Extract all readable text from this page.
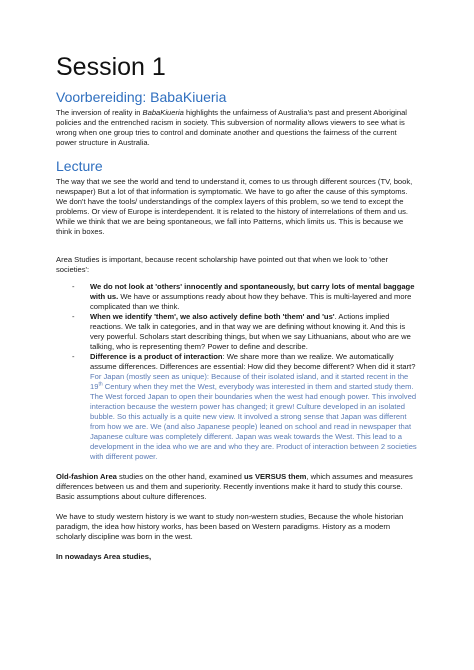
Session 1
Voorbereiding: BabaKiueria

The inversion of reality in BabaKiueria highlights the unfairness of Australia's past and present Aboriginal policies and the entrenched racism in society. This subversion of normality allows viewers to see what is wrong when one group tries to control and dominate another and questions the fairness of the current power structure in Australia.

Lecture

The way that we see the world and tend to understand it, comes to us through different sources (TV, book, newspaper) But a lot of that information is symptomatic. We have to go after the cause of this symptoms. We don't have the tools/ understandings of the complex layers of this problem, so we tend to except the problems. Or view of Europe is interdependent. It is related to the history of interrelations of them and us. While we think that we are being spontaneous, we fall into Patterns, which limits us. This is because we think in boxes.

Area Studies is important, because recent scholarship have pointed out that when we look to 'other societies':

- We do not look at 'others' innocently and spontaneously, but carry lots of mental baggage with us. We have or assumptions ready about how they behave. This is multi-layered and more complicated than we think.
- When we identify 'them', we also actively define both 'them' and 'us'. Actions implied reactions. We talk in categories, and in that way we are defining without knowing it. And this is very powerful. Scholars start describing things, but when we say Lithuanians, about who are we talking, who is representing them? Power to define and describe.
- Difference is a product of interaction: We share more than we realize. We automatically assume differences. Differences are essential: How did they become different? When did it start? For Japan (mostly seen as unique): Because of their isolated island, and it started recent in the 19th Century when they met the West, everybody was interested in them and started study them. The West forced Japan to open their boundaries when the west had enough power. This involved interaction because the western power has changed; it grew! Culture developed in an isolated bubble. So this actually is a quite new view. It involved a strong sense that Japan was different from how we are. We (and also Japanese people) leaned on school and read in newspaper that Japanese culture was completely different. Japan was weak towards the West. This lead to a development in the idea who we are and who they are. Product of interaction between 2 societies with different power.

Old-fashion Area studies on the other hand, examined us VERSUS them, which assumes and measures differences between us and them and superiority. Recently inventions make it hard to study this course. Basic assumptions about culture differences.

We have to study western history is we want to study non-western studies, Because the whole historian paradigm, the idea how history works, has been based on Western paradigms. History as a modern scholarly discipline was born in the west.

In nowadays Area studies,
